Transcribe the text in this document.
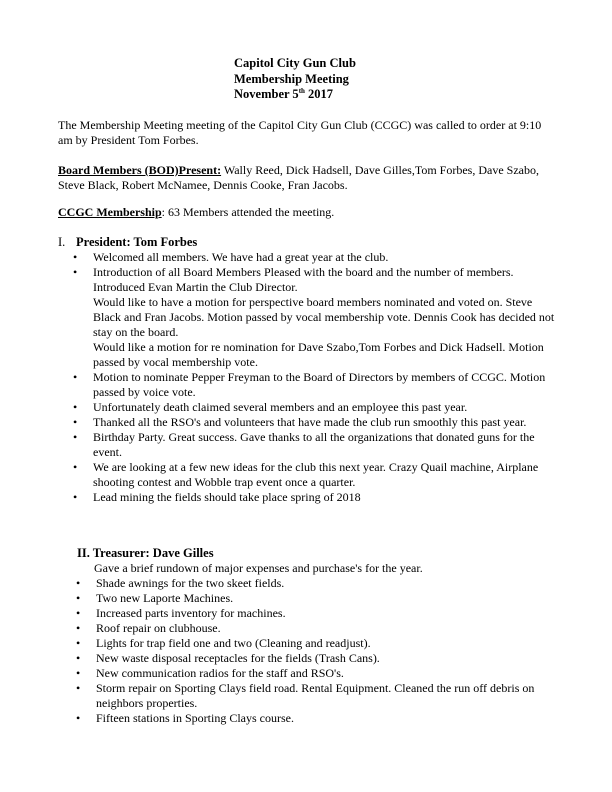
Capitol City Gun Club
Membership Meeting
November 5th 2017
The Membership Meeting meeting of the Capitol City Gun Club (CCGC) was called to order at 9:10 am by President Tom Forbes.
Board Members (BOD)Present: Wally Reed, Dick Hadsell, Dave Gilles,Tom Forbes, Dave Szabo, Steve Black, Robert McNamee, Dennis Cooke, Fran Jacobs.
CCGC Membership: 63 Members attended the meeting.
I. President: Tom Forbes
• Welcomed all members. We have had a great year at the club.
• Introduction of all Board Members Pleased with the board and the number of members. Introduced Evan Martin the Club Director.
Would like to have a motion for perspective board members nominated and voted on. Steve Black and Fran Jacobs. Motion passed by vocal membership vote. Dennis Cook has decided not stay on the board.
Would like a motion for re nomination for Dave Szabo,Tom Forbes and Dick Hadsell. Motion passed by vocal membership vote.
• Motion to nominate Pepper Freyman to the Board of Directors by members of CCGC. Motion passed by voice vote.
• Unfortunately death claimed several members and an employee this past year.
• Thanked all the RSO's and volunteers that have made the club run smoothly this past year.
• Birthday Party. Great success. Gave thanks to all the organizations that donated guns for the event.
• We are looking at a few new ideas for the club this next year. Crazy Quail machine, Airplane shooting contest and Wobble trap event once a quarter.
• Lead mining the fields should take place spring of 2018
II. Treasurer: Dave Gilles
Gave a brief rundown of major expenses and purchase's for the year.
• Shade awnings for the two skeet fields.
• Two new Laporte Machines.
• Increased parts inventory for machines.
• Roof repair on clubhouse.
• Lights for trap field one and two (Cleaning and readjust).
• New waste disposal receptacles for the fields (Trash Cans).
• New communication radios for the staff and RSO's.
• Storm repair on Sporting Clays field road. Rental Equipment. Cleaned the run off debris on neighbors properties.
• Fifteen stations in Sporting Clays course.
